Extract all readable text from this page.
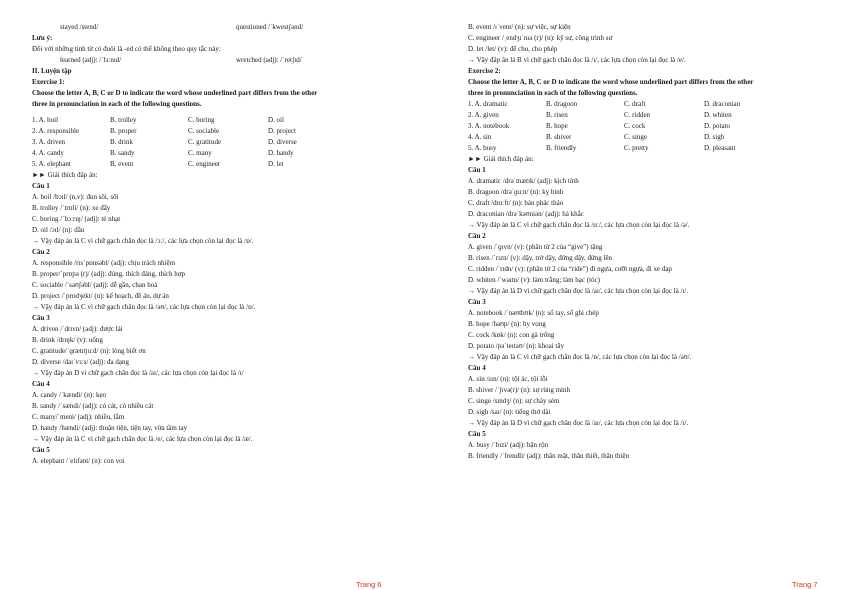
stayed /stend/	questioned /ˈkwestʃənd/
Lưu ý:
Đối với những tính từ có đuôi là -ed có thể không theo quy tắc này:
learned (adj): /ˈlɜːnɪd/	wretched (adj): /ˈretʃɪd/
II. Luyện tập
Exercise 1:
Choose the letter A, B, C or D to indicate the word whose underlined part differs from the other
three in pronunciation in each of the following questions.
1. A. boil	B. trolley	C. boring	D. oil
2. A. responsible	B. proper	C. sociable	D. project
3. A. driven	B. drink	C. gratitude	D. diverse
4. A. candy	B. sandy	C. many	D. handy
5. A. elephant	B. event	C. engineer	D. let
►► Giải thích đáp án:
Câu 1
A. boil /bɔɪl/ (n,v): đun sôi, sôi
B. trolley /ˈtrɒli/ (n): xe đẩy
C. boring /ˈbɔːrɪŋ/ (adj): tẻ nhạt
D. oil /ɔɪl/ (n): dầu
→ Vậy đáp án là C vì chữ gạch chân đọc là /ɔː/, các lựa chọn còn lại đọc là /ɒ/.
Câu 2
A. responsible /rɪsˈpɒnsəbl/ (adj): chịu trách nhiệm
B. proper/ˈprɒpə (r)/ (adj): đúng, thích đáng, thích hợp
C. sociable /ˈsəʊʃəbl/ (adj): dễ gần, chan hoà
D. project /ˈprɒdʒekt/ (n): kế hoạch, đề án, dự án
→ Vậy đáp án là C vì chữ gạch chân đọc là /əʊ/, các lựa chọn còn lại đọc là /ɒ/.
Câu 3
A. driven /ˈdrɪvn/ (adj): được lái
B. drink /drɪŋk/ (v): uống
C. gratitude/ˈɡrætɪtjuːd/ (n): lòng biết ơn
D. diverse /daɪˈvɜːs/ (adj): đa dạng
→ Vậy đáp án D vì chữ gạch chân đọc là /aɪ/, các lựa chọn còn lại đọc là /ɪ/
Câu 4
A. candy /ˈkændi/ (n): kẹo
B. sandy /ˈsændi/ (adj): có cát, có nhiều cát
C. many/ˈmeni/ (adj): nhiều, lắm
D. handy /hændi/ (adj): thuận tiện, tiện tay, vừa tầm tay
→ Vậy đáp án là C vì chữ gạch chân đọc là /e/, các lựa chọn còn lại đọc là /æ/.
Câu 5
A. elephant /ˈelɪfənt/ (n): con voi
Trang 6
B. event /ɪˈvent/ (n): sự việc, sự kiện
C. engineer /ˌendʒɪˈnɪə (r)/ (n): kỹ sư, công trình sư
D. let /let/ (v): để cho, cho phép
→ Vậy đáp án là B vì chữ gạch chân đọc là /ɪ/, các lựa chọn còn lại đọc là /e/.
Exercise 2:
Choose the letter A, B, C or D to indicate the word whose underlined part differs from the other
three in pronunciation in each of the following questions.
1. A. dramatic	B. dragoon	C. draft	D. draconian
2. A. given	B. risen	C. ridden	D. whiten
3. A. notebook	B. hope	C. cock	D. potato
4. A. sin	B. shiver	C. singe	D. sigh
5. A. busy	B. friendly	C. pretty	D. pleasant
►► Giải thích đáp án:
Câu 1
A. dramatic /drəˈmætɪk/ (adj): kịch tính
B. dragoon /drəˈɡuːn/ (n): kỵ binh
C. draft /drɑːft/ (n): bản phác thảo
D. draconian /drəˈkəʊniən/ (adj): hà khắc
→ Vậy đáp án là C vì chữ gạch chân đọc là /ɑː/, các lựa chọn còn lại đọc là /ə/.
Câu 2
A. given /ˈɡɪvn/ (v): (phân từ 2 của “give”) tặng
B. risen /ˈrɪzn/ (v): dậy, trở dậy, đứng dậy, đứng lên
C. ridden /ˈrɪdn/ (v): (phân từ 2 của “ride”) đi ngựa, cưỡi ngựa, đi xe đạp
D. whiten /ˈwaɪtn/ (v): làm trắng; làm bạc (tóc)
→ Vậy đáp án là D vì chữ gạch chân đọc là /aɪ/, các lựa chọn còn lại đọc là /ɪ/.
Câu 3
A. notebook /ˈnəʊtbʊk/ (n): sổ tay, sổ ghi chép
B. hope /həʊp/ (n): hy vọng
C. cock /kɒk/ (n): con gà trống
D. potato /pəˈteɪtəʊ/ (n): khoai tây
→ Vậy đáp án là C vì chữ gạch chân đọc là /ɒ/, các lựa chọn còn lại đọc là /əʊ/.
Câu 4
A. sin /sɪn/ (n): tội ác, tội lỗi
B. shiver /ˈʃɪvə(r)/ (n): sự rùng mình
C. singe /sɪndʒ/ (n): sự cháy sém
D. sigh /saɪ/ (n): tiếng thở dài
→ Vậy đáp án là D vì chữ gạch chân đọc là /aɪ/, các lựa chọn còn lại đọc là /ɪ/.
Câu 5
A. busy /ˈbɪzi/ (adj): bận rộn
B. friendly /ˈfrendli/ (adj): thân mật, thân thiết, thân thiện
Trang 7
